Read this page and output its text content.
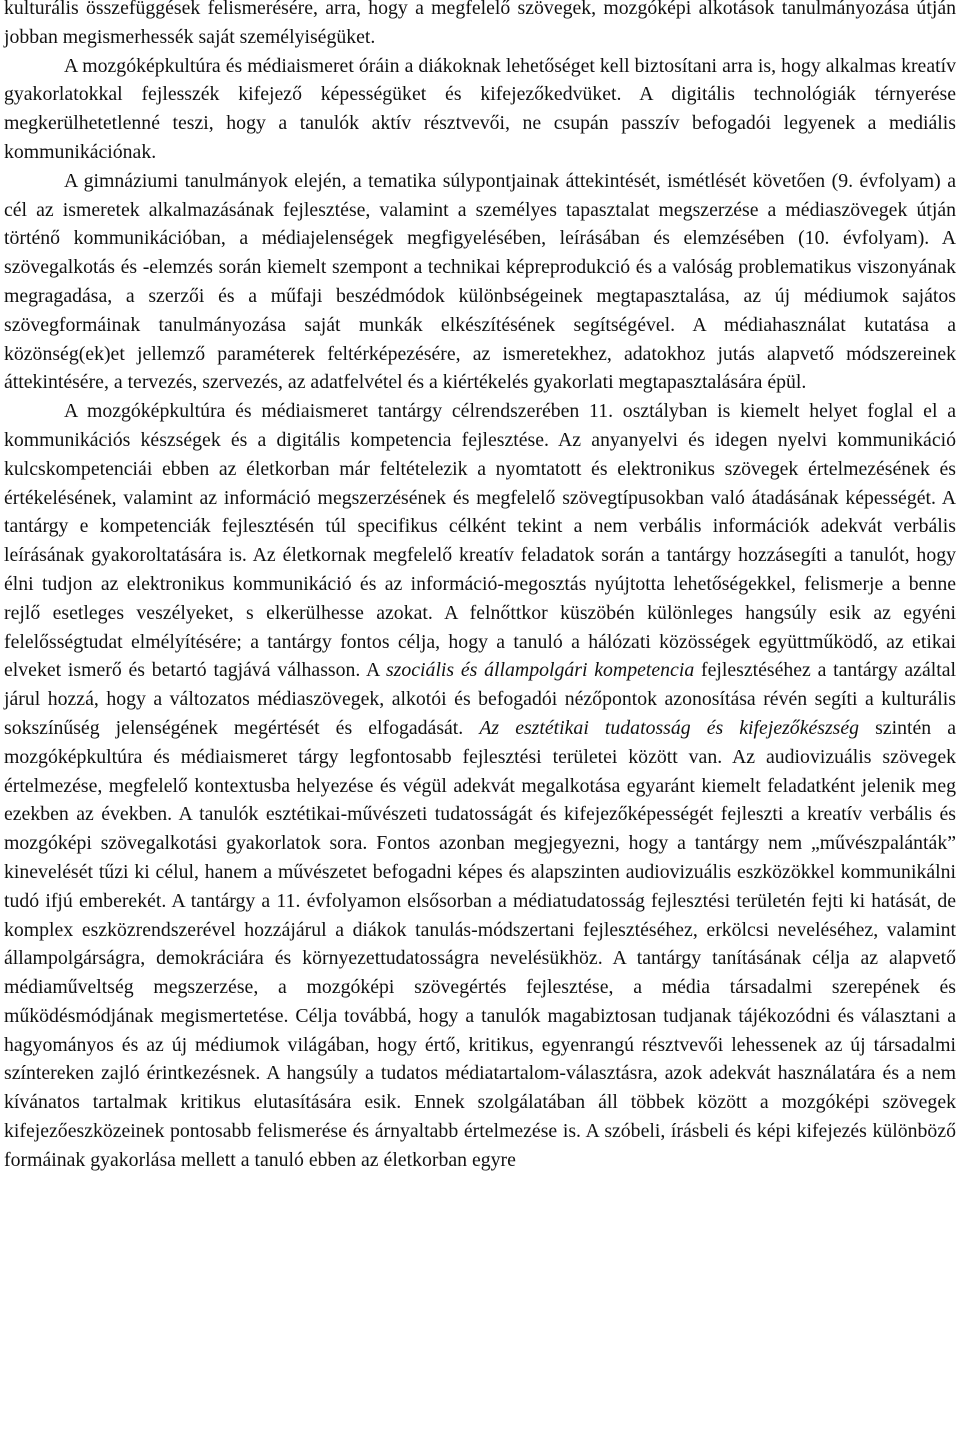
kulturális összefüggések felismerésére, arra, hogy a megfelelő szövegek, mozgóképi alkotások tanulmányozása útján jobban megismerhessék saját személyiségüket.

A mozgóképkultúra és médiaismeret óráin a diákoknak lehetőséget kell biztosítani arra is, hogy alkalmas kreatív gyakorlatokkal fejlesszék kifejező képességüket és kifejezőkedvüket. A digitális technológiák térnyerése megkerülhetetlenné teszi, hogy a tanulók aktív résztvevői, ne csupán passzív befogadói legyenek a mediális kommunikációnak.

A gimnáziumi tanulmányok elején, a tematika súlypontjainak áttekintését, ismétlését követően (9. évfolyam) a cél az ismeretek alkalmazásának fejlesztése, valamint a személyes tapasztalat megszerzése a médiaszövegek útján történő kommunikációban, a médiajelenségek megfigyelésében, leírásában és elemzésében (10. évfolyam). A szövegalkotás és -elemzés során kiemelt szempont a technikai képreprodukció és a valóság problematikus viszonyának megragadása, a szerzői és a műfaji beszédmódok különbségeinek megtapasztalása, az új médiumok sajátos szövegformáinak tanulmányozása saját munkák elkészítésének segítségével. A médiahasználat kutatása a közönség(ek)et jellemző paraméterek feltérképezésére, az ismeretekhez, adatokhoz jutás alapvető módszereinek áttekintésére, a tervezés, szervezés, az adatfelvétel és a kiértékelés gyakorlati megtapasztalására épül.

A mozgóképkultúra és médiaismeret tantárgy célrendszerében 11. osztályban is kiemelt helyet foglal el a kommunikációs készségek és a digitális kompetencia fejlesztése. Az anyanyelvi és idegen nyelvi kommunikáció kulcskompetenciái ebben az életkorban már feltételezik a nyomtatott és elektronikus szövegek értelmezésének és értékelésének, valamint az információ megszerzésének és megfelelő szövegtípusokban való átadásának képességét. A tantárgy e kompetenciák fejlesztésén túl specifikus célként tekint a nem verbális információk adekvát verbális leírásának gyakoroltatására is. Az életkornak megfelelő kreatív feladatok során a tantárgy hozzásegíti a tanulót, hogy élni tudjon az elektronikus kommunikáció és az információ-megosztás nyújtotta lehetőségekkel, felismerje a benne rejlő esetleges veszélyeket, s elkerülhesse azokat. A felnőttkor küszöbén különleges hangsúly esik az egyéni felelősségtudat elmélyítésére; a tantárgy fontos célja, hogy a tanuló a hálózati közösségek együttműködő, az etikai elveket ismerő és betartó tagjává válhasson. A szociális és állampolgári kompetencia fejlesztéséhez a tantárgy azáltal járul hozzá, hogy a változatos médiaszövegek, alkotói és befogadói nézőpontok azonosítása révén segíti a kulturális sokszínűség jelenségének megértését és elfogadását. Az esztétikai tudatosság és kifejezőkészség szintén a mozgóképkultúra és médiaismeret tárgy legfontosabb fejlesztési területei között van. Az audiovizuális szövegek értelmezése, megfelelő kontextusba helyezése és végül adekvát megalkotása egyaránt kiemelt feladatként jelenik meg ezekben az években. A tanulók esztétikai-művészeti tudatosságát és kifejezőképességét fejleszti a kreatív verbális és mozgóképi szövegalkotási gyakorlatok sora. Fontos azonban megjegyezni, hogy a tantárgy nem „művészpalánták” kinevelését tűzi ki célul, hanem a művészetet befogadni képes és alapszinten audiovizuális eszközökkel kommunikálni tudó ifjú emberekét. A tantárgy a 11. évfolyamon elsősorban a médiatudatosság fejlesztési területén fejti ki hatását, de komplex eszközrendszerével hozzájárul a diákok tanulás-módszertani fejlesztéséhez, erkölcsi neveléséhez, valamint állampolgárságra, demokráciára és környezettudatosságra nevelésükhöz. A tantárgy tanításának célja az alapvető médiaműveltség megszerzése, a mozgóképi szövegértés fejlesztése, a média társadalmi szerepének és működésmódjának megismertetése. Célja továbbá, hogy a tanulók magabiztosan tudjanak tájékozódni és választani a hagyományos és az új médiumok világában, hogy értő, kritikus, egyenrangú résztvevői lehessenek az új társadalmi színtereken zajló érintkezésnek. A hangsúly a tudatos médiatartalom-választásra, azok adekvát használatára és a nem kívánatos tartalmak kritikus elutasítására esik. Ennek szolgálatában áll többek között a mozgóképi szövegek kifejezőeszközeinek pontosabb felismerése és árnyaltabb értelmezése is. A szóbeli, írásbeli és képi kifejezés különböző formáinak gyakorlása mellett a tanuló ebben az életkorban egyre
